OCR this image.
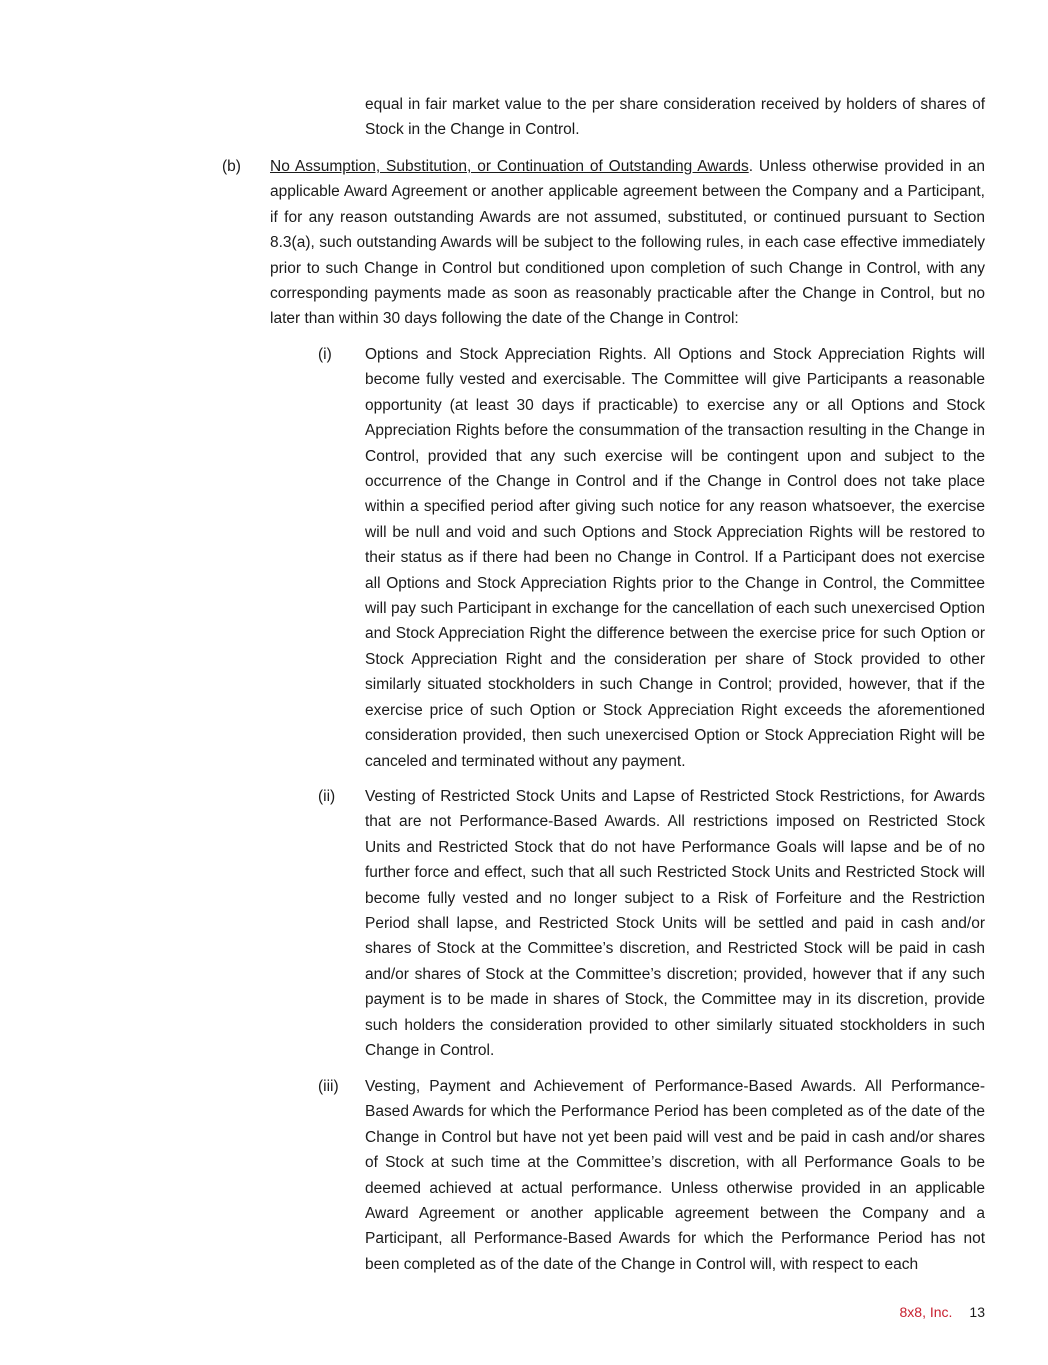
equal in fair market value to the per share consideration received by holders of shares of Stock in the Change in Control.

(b) No Assumption, Substitution, or Continuation of Outstanding Awards. Unless otherwise provided in an applicable Award Agreement or another applicable agreement between the Company and a Participant, if for any reason outstanding Awards are not assumed, substituted, or continued pursuant to Section 8.3(a), such outstanding Awards will be subject to the following rules, in each case effective immediately prior to such Change in Control but conditioned upon completion of such Change in Control, with any corresponding payments made as soon as reasonably practicable after the Change in Control, but no later than within 30 days following the date of the Change in Control:

(i) Options and Stock Appreciation Rights. All Options and Stock Appreciation Rights will become fully vested and exercisable. The Committee will give Participants a reasonable opportunity (at least 30 days if practicable) to exercise any or all Options and Stock Appreciation Rights before the consummation of the transaction resulting in the Change in Control, provided that any such exercise will be contingent upon and subject to the occurrence of the Change in Control and if the Change in Control does not take place within a specified period after giving such notice for any reason whatsoever, the exercise will be null and void and such Options and Stock Appreciation Rights will be restored to their status as if there had been no Change in Control. If a Participant does not exercise all Options and Stock Appreciation Rights prior to the Change in Control, the Committee will pay such Participant in exchange for the cancellation of each such unexercised Option and Stock Appreciation Right the difference between the exercise price for such Option or Stock Appreciation Right and the consideration per share of Stock provided to other similarly situated stockholders in such Change in Control; provided, however, that if the exercise price of such Option or Stock Appreciation Right exceeds the aforementioned consideration provided, then such unexercised Option or Stock Appreciation Right will be canceled and terminated without any payment.

(ii) Vesting of Restricted Stock Units and Lapse of Restricted Stock Restrictions, for Awards that are not Performance-Based Awards. All restrictions imposed on Restricted Stock Units and Restricted Stock that do not have Performance Goals will lapse and be of no further force and effect, such that all such Restricted Stock Units and Restricted Stock will become fully vested and no longer subject to a Risk of Forfeiture and the Restriction Period shall lapse, and Restricted Stock Units will be settled and paid in cash and/or shares of Stock at the Committee’s discretion, and Restricted Stock will be paid in cash and/or shares of Stock at the Committee’s discretion; provided, however that if any such payment is to be made in shares of Stock, the Committee may in its discretion, provide such holders the consideration provided to other similarly situated stockholders in such Change in Control.

(iii) Vesting, Payment and Achievement of Performance-Based Awards. All Performance-Based Awards for which the Performance Period has been completed as of the date of the Change in Control but have not yet been paid will vest and be paid in cash and/or shares of Stock at such time at the Committee’s discretion, with all Performance Goals to be deemed achieved at actual performance. Unless otherwise provided in an applicable Award Agreement or another applicable agreement between the Company and a Participant, all Performance-Based Awards for which the Performance Period has not been completed as of the date of the Change in Control will, with respect to each

8x8, Inc. 13
